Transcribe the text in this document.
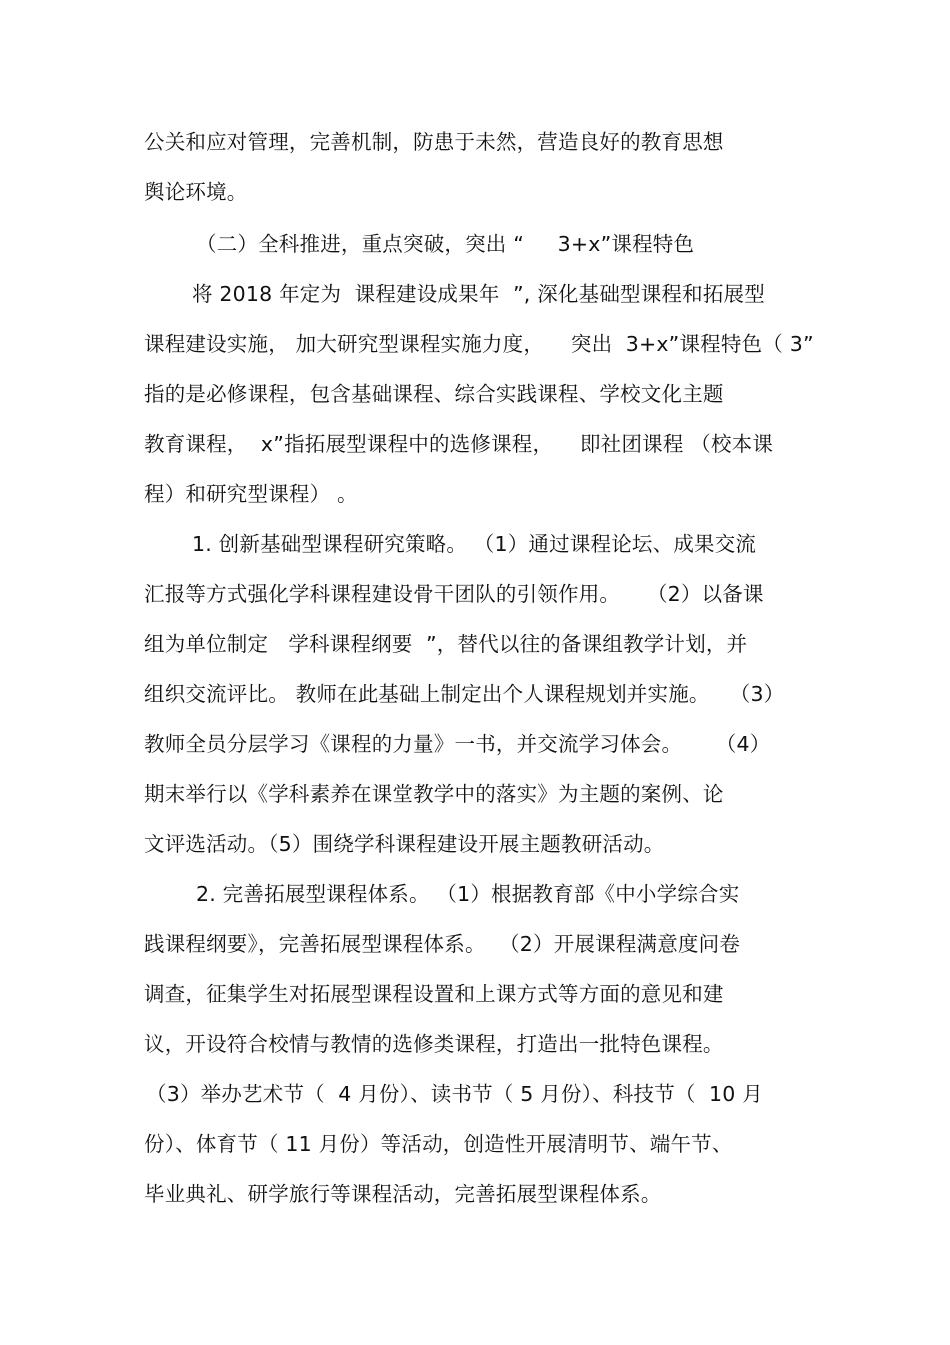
公关和应对管理，完善机制，防患于未然，营造良好的教育思想
舆论环境。
（二）全科推进，重点突破，突出 “     3+x”课程特色
将 2018 年定为  课程建设成果年  ”, 深化基础型课程和拓展型
课程建设实施， 加大研究型课程实施力度，    突出  3+x”课程特色（ 3”
指的是必修课程，包含基础课程、综合实践课程、学校文化主题
教育课程，  x”指拓展型课程中的选修课程，    即社团课程 （校本课
程）和研究型课程） 。
1. 创新基础型课程研究策略。 （1）通过课程论坛、成果交流
汇报等方式强化学科课程建设骨干团队的引领作用。    （2）以备课
组为单位制定   学科课程纲要  ”，替代以往的备课组教学计划，并
组织交流评比。 教师在此基础上制定出个人课程规划并实施。   （3）
教师全员分层学习《课程的力量》一书，并交流学习体会。     （4）
期末举行以《学科素养在课堂教学中的落实》为主题的案例、论
文评选活动。（5）围绕学科课程建设开展主题教研活动。
2. 完善拓展型课程体系。 （1）根据教育部《中小学综合实
践课程纲要》，完善拓展型课程体系。  （2）开展课程满意度问卷
调查，征集学生对拓展型课程设置和上课方式等方面的意见和建
议，开设符合校情与教情的选修类课程，打造出一批特色课程。
（3）举办艺术节（  4 月份）、读书节（ 5 月份）、科技节（  10 月
份）、体育节（ 11 月份）等活动，创造性开展清明节、端午节、
毕业典礼、研学旅行等课程活动，完善拓展型课程体系。
